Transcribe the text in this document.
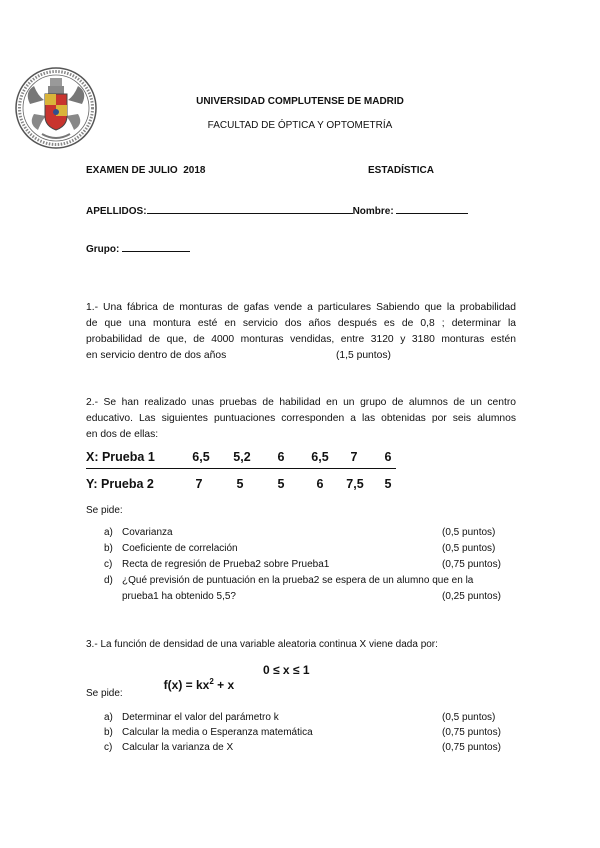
UNIVERSIDAD COMPLUTENSE DE MADRID
FACULTAD DE ÓPTICA Y OPTOMETRÍA
EXAMEN DE JULIO  2018	ESTADÍSTICA
APELLIDOS:	Nombre:
Grupo:
1.- Una fábrica de monturas de gafas vende a particulares Sabiendo que la probabilidad
de que una montura esté en servicio dos años después es de 0,8 ; determinar la
probabilidad de que, de 4000 monturas vendidas, entre 3120 y 3180 monturas estén
en servicio dentro de dos años	(1,5 puntos)
2.- Se han realizado unas pruebas de habilidad en un grupo de alumnos de un centro
educativo. Las siguientes puntuaciones corresponden a las obtenidas por seis alumnos
en dos de ellas:
X: Prueba 1	6,5	5,2	6	6,5	7	6
Y: Prueba 2	7	5	5	6	7,5	5
Se pide:
a) Covarianza	(0,5 puntos)
b) Coeficiente de correlación	(0,5 puntos)
c) Recta de regresión de Prueba2 sobre Prueba1	(0,75 puntos)
d) ¿Qué previsión de puntuación en la prueba2 se espera de un alumno que en la
prueba1 ha obtenido 5,5?	(0,25 puntos)
3.- La función de densidad de una variable aleatoria continua X viene dada por:

$f(x) = kx^2 + x$

0 ≤ x ≤ 1
Se pide:
a) Determinar el valor del parámetro k	(0,5 puntos)
b) Calcular la media o Esperanza matemática	(0,75 puntos)
c) Calcular la varianza de X	(0,75 puntos)
